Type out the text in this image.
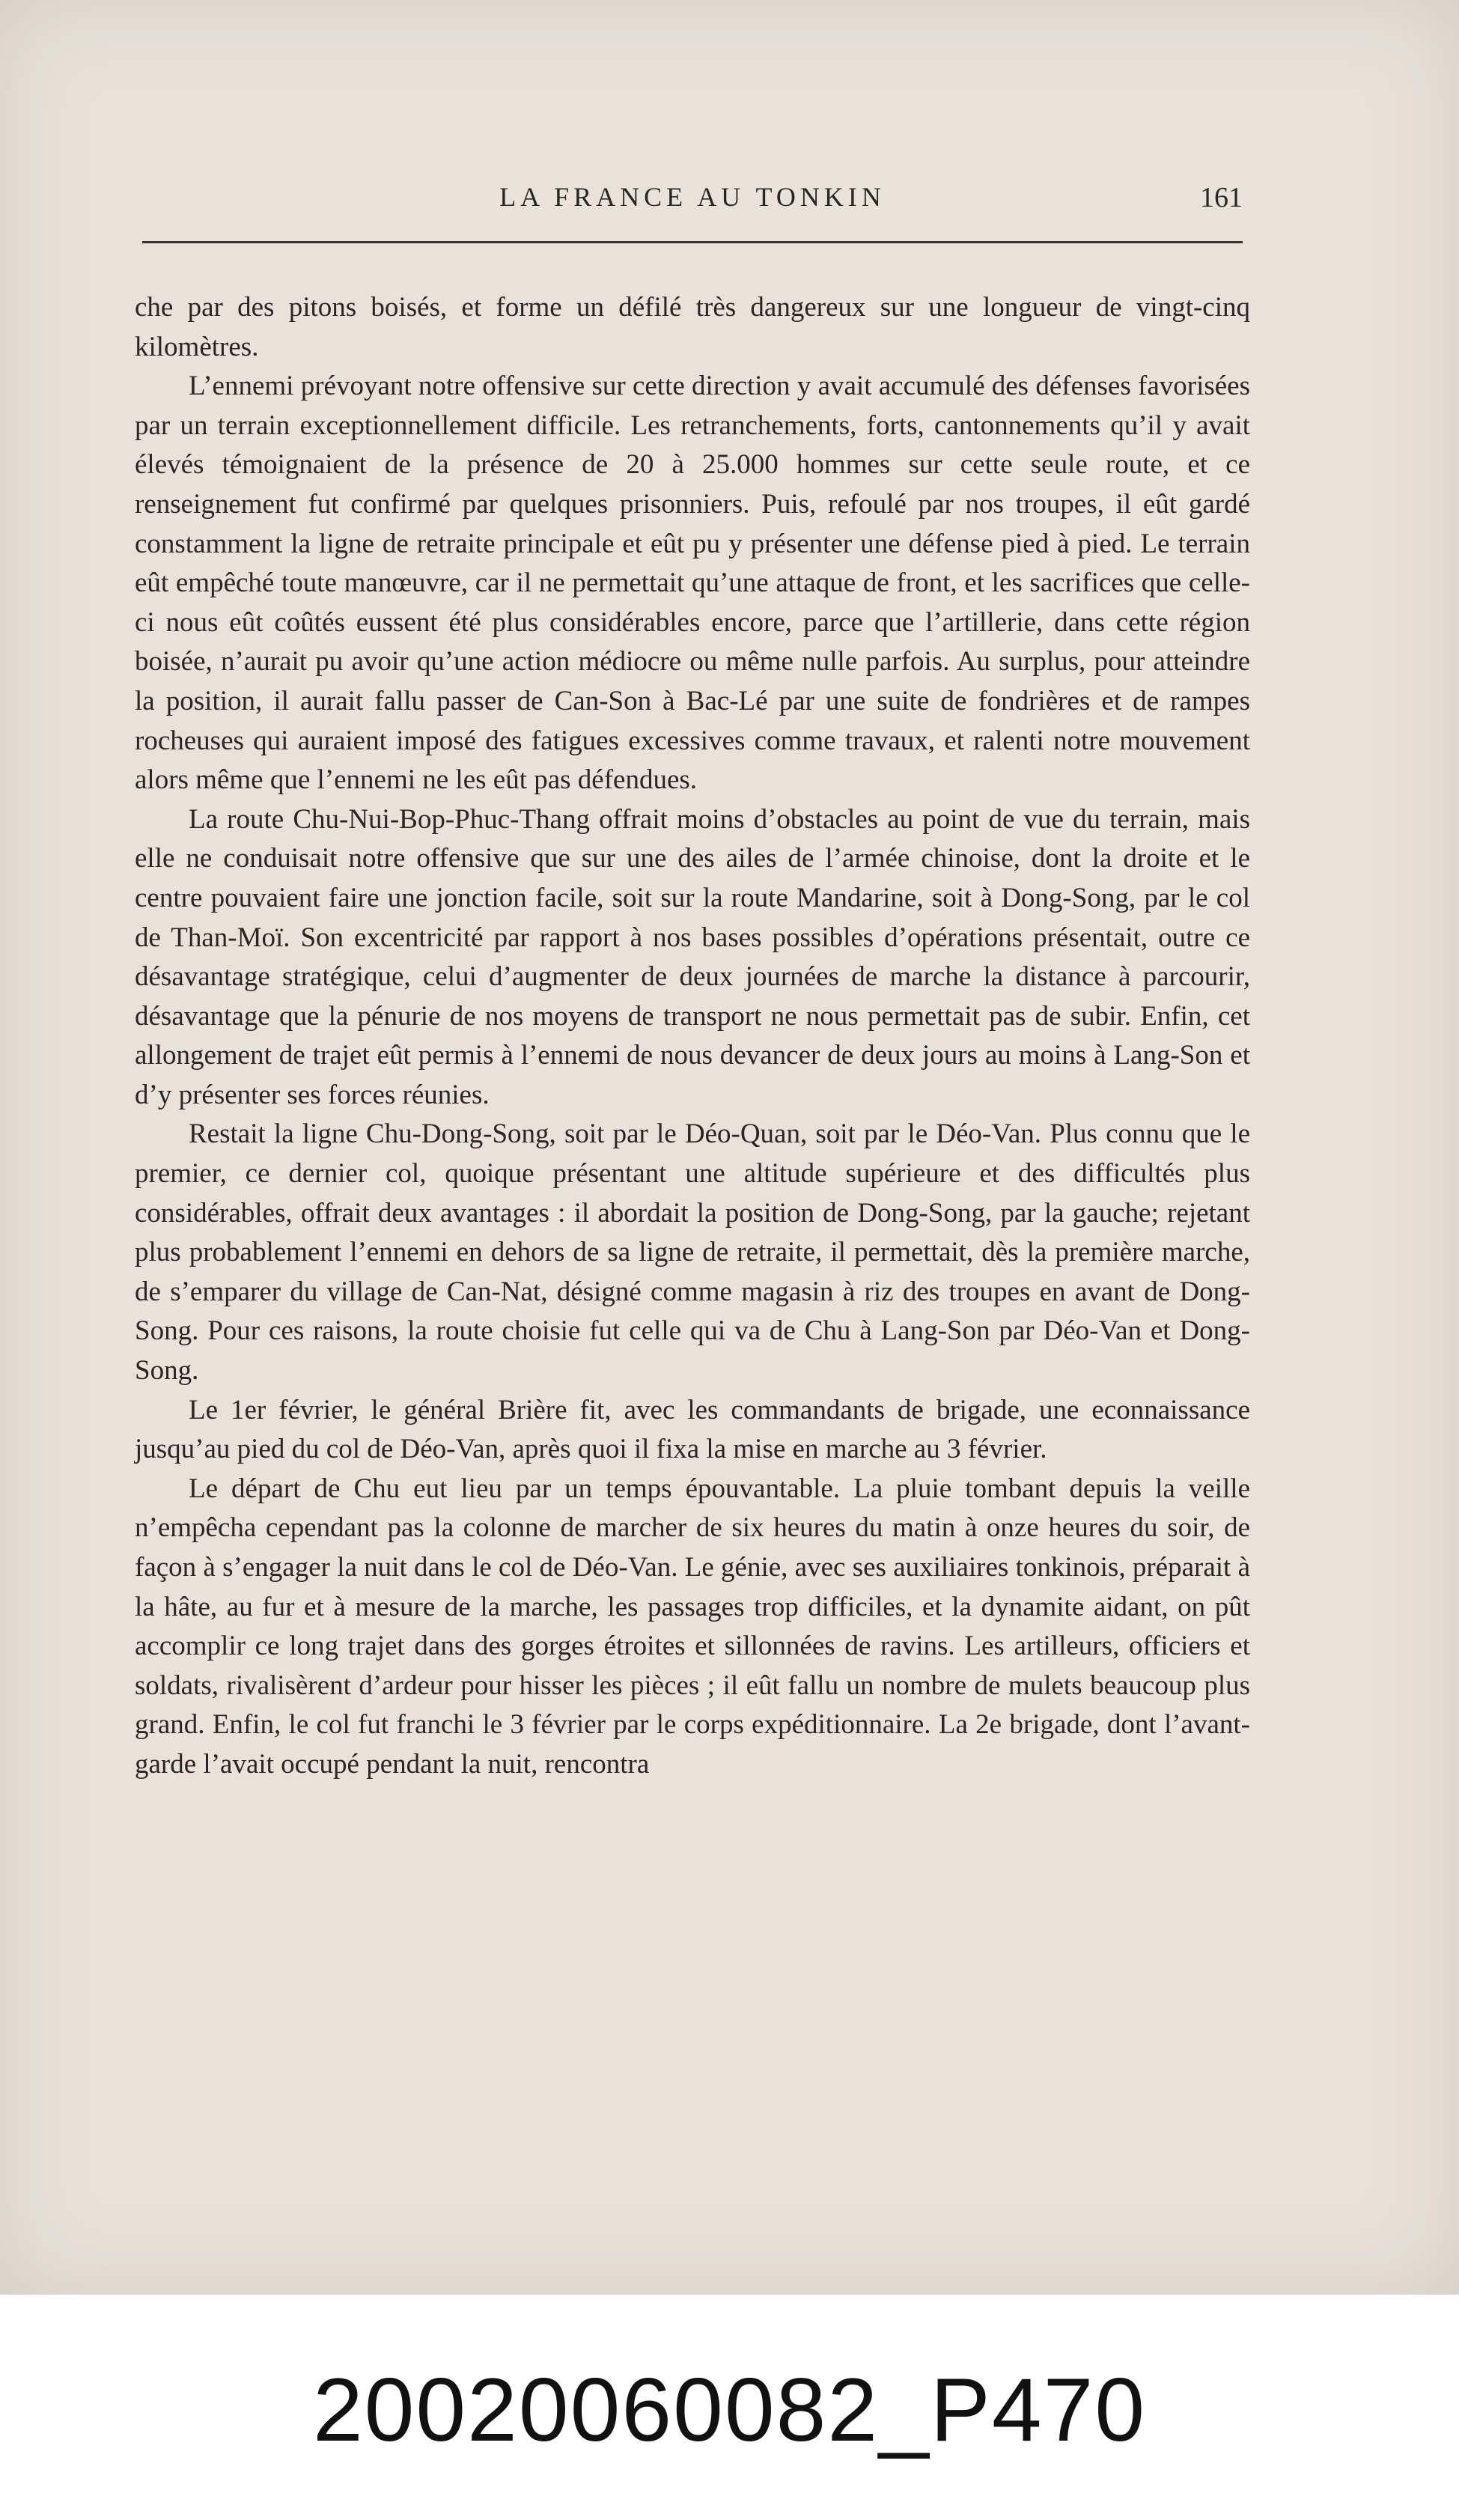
LA FRANCE AU TONKIN	161

che par des pitons boisés, et forme un défilé très dangereux sur une longueur de vingt-cinq kilomètres.

L’ennemi prévoyant notre offensive sur cette direction y avait accumulé des défenses favorisées par un terrain exceptionnellement difficile. Les retranchements, forts, cantonnements qu’il y avait élevés témoignaient de la présence de 20 à 25.000 hommes sur cette seule route, et ce renseignement fut confirmé par quelques prisonniers. Puis, refoulé par nos troupes, il eût gardé constamment la ligne de retraite principale et eût pu y présenter une défense pied à pied. Le terrain eût empêché toute manœuvre, car il ne permettait qu’une attaque de front, et les sacrifices que celle-ci nous eût coûtés eussent été plus considérables encore, parce que l’artillerie, dans cette région boisée, n’aurait pu avoir qu’une action médiocre ou même nulle parfois. Au surplus, pour atteindre la position, il aurait fallu passer de Can-Son à Bac-Lé par une suite de fondrières et de rampes rocheuses qui auraient imposé des fatigues excessives comme travaux, et ralenti notre mouvement alors même que l’ennemi ne les eût pas défendues.

La route Chu-Nui-Bop-Phuc-Thang offrait moins d’obstacles au point de vue du terrain, mais elle ne conduisait notre offensive que sur une des ailes de l’armée chinoise, dont la droite et le centre pouvaient faire une jonction facile, soit sur la route Mandarine, soit à Dong-Song, par le col de Than-Moï. Son excentricité par rapport à nos bases possibles d’opérations présentait, outre ce désavantage stratégique, celui d’augmenter de deux journées de marche la distance à parcourir, désavantage que la pénurie de nos moyens de transport ne nous permettait pas de subir. Enfin, cet allongement de trajet eût permis à l’ennemi de nous devancer de deux jours au moins à Lang-Son et d’y présenter ses forces réunies.

Restait la ligne Chu-Dong-Song, soit par le Déo-Quan, soit par le Déo-Van. Plus connu que le premier, ce dernier col, quoique présentant une altitude supérieure et des difficultés plus considérables, offrait deux avantages : il abordait la position de Dong-Song, par la gauche; rejetant plus probablement l’ennemi en dehors de sa ligne de retraite, il permettait, dès la première marche, de s’emparer du village de Can-Nat, désigné comme magasin à riz des troupes en avant de Dong-Song. Pour ces raisons, la route choisie fut celle qui va de Chu à Lang-Son par Déo-Van et Dong-Song.

Le 1er février, le général Brière fit, avec les commandants de brigade, une econnaissance jusqu’au pied du col de Déo-Van, après quoi il fixa la mise en marche au 3 février.

Le départ de Chu eut lieu par un temps épouvantable. La pluie tombant depuis la veille n’empêcha cependant pas la colonne de marcher de six heures du matin à onze heures du soir, de façon à s’engager la nuit dans le col de Déo-Van. Le génie, avec ses auxiliaires tonkinois, préparait à la hâte, au fur et à mesure de la marche, les passages trop difficiles, et la dynamite aidant, on pût accomplir ce long trajet dans des gorges étroites et sillonnées de ravins. Les artilleurs, officiers et soldats, rivalisèrent d’ardeur pour hisser les pièces ; il eût fallu un nombre de mulets beaucoup plus grand. Enfin, le col fut franchi le 3 février par le corps expéditionnaire. La 2e brigade, dont l’avant-garde l’avait occupé pendant la nuit, rencontra

20020060082_P470
